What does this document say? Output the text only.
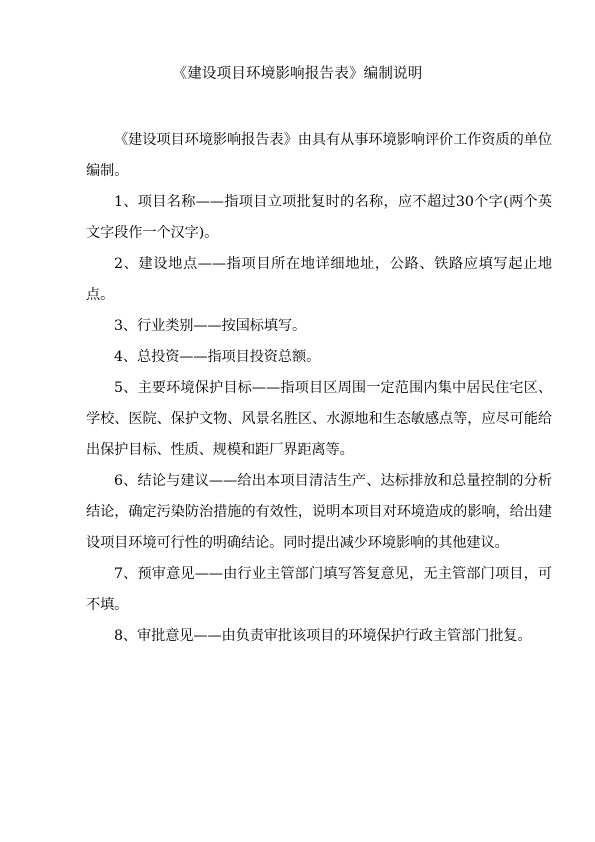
《建设项目环境影响报告表》编制说明

《建设项目环境影响报告表》由具有从事环境影响评价工作资质的单位编制。

1、项目名称——指项目立项批复时的名称，应不超过30个字(两个英文字段作一个汉字)。

2、建设地点——指项目所在地详细地址，公路、铁路应填写起止地点。

3、行业类别——按国标填写。

4、总投资——指项目投资总额。

5、主要环境保护目标——指项目区周围一定范围内集中居民住宅区、学校、医院、保护文物、风景名胜区、水源地和生态敏感点等，应尽可能给出保护目标、性质、规模和距厂界距离等。

6、结论与建议——给出本项目清洁生产、达标排放和总量控制的分析结论，确定污染防治措施的有效性，说明本项目对环境造成的影响，给出建设项目环境可行性的明确结论。同时提出减少环境影响的其他建议。

7、预审意见——由行业主管部门填写答复意见，无主管部门项目，可不填。

8、审批意见——由负责审批该项目的环境保护行政主管部门批复。
